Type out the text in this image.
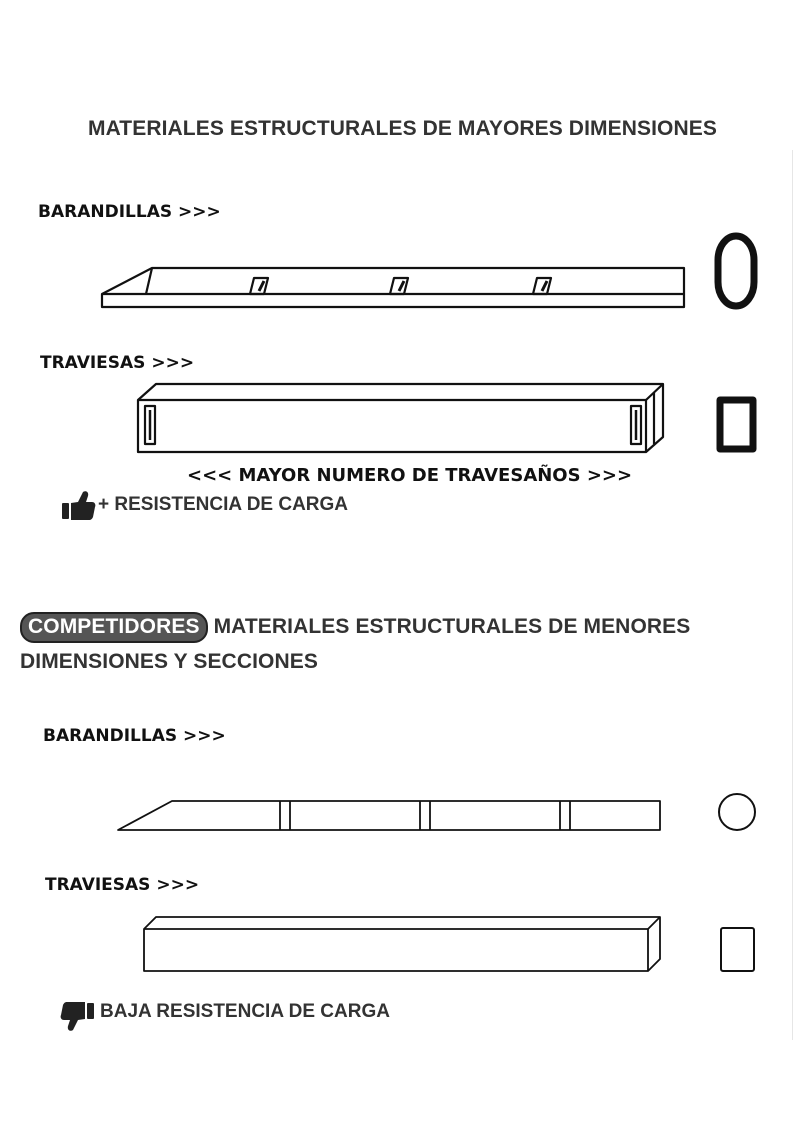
MATERIALES ESTRUCTURALES DE MAYORES DIMENSIONES
BARANDILLAS >>>
TRAVIESAS >>>
<<< MAYOR NUMERO DE TRAVESAÑOS >>>
+ RESISTENCIA DE CARGA
COMPETIDORES MATERIALES ESTRUCTURALES DE MENORES
DIMENSIONES Y SECCIONES
BARANDILLAS >>>
TRAVIESAS >>>
BAJA RESISTENCIA DE CARGA
